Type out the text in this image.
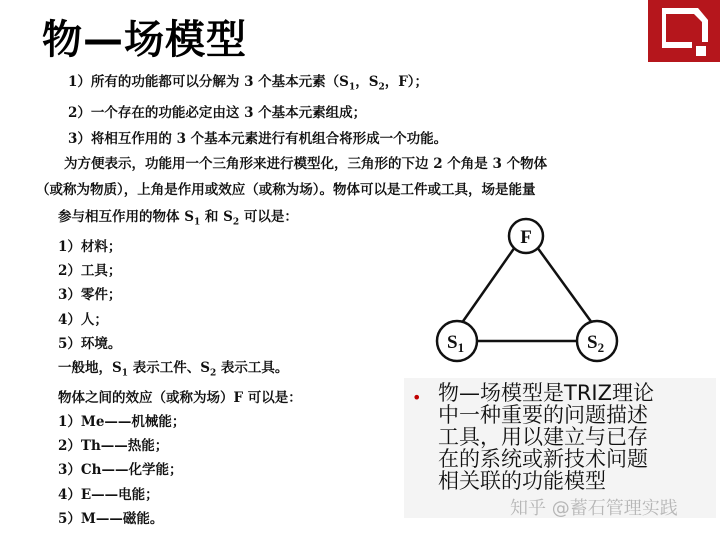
物—场模型
1）所有的功能都可以分解为 3 个基本元素（$S_1$，$S_2$，F）；
2）一个存在的功能必定由这 3 个基本元素组成；
3）将相互作用的 3 个基本元素进行有机组合将形成一个功能。
为方便表示，功能用一个三角形来进行模型化，三角形的下边 2 个角是 3 个物体
（或称为物质），上角是作用或效应（或称为场）。物体可以是工件或工具，场是能量
参与相互作用的物体 $S_1$ 和 $S_2$ 可以是：
1）材料；
2）工具；
3）零件；
4）人；
5）环境。
一般地，$S_1$ 表示工件、$S_2$ 表示工具。
物体之间的效应（或称为场）F 可以是：
1）Me——机械能；
2）Th——热能；
3）Ch——化学能；
4）E——电能；
5）M——磁能。
F
$S_1$	$S_2$
• 物—场模型是TRIZ理论中一种重要的问题描述工具，用以建立与已存在的系统或新技术问题相关联的功能模型
知乎 @蓄石管理实践
